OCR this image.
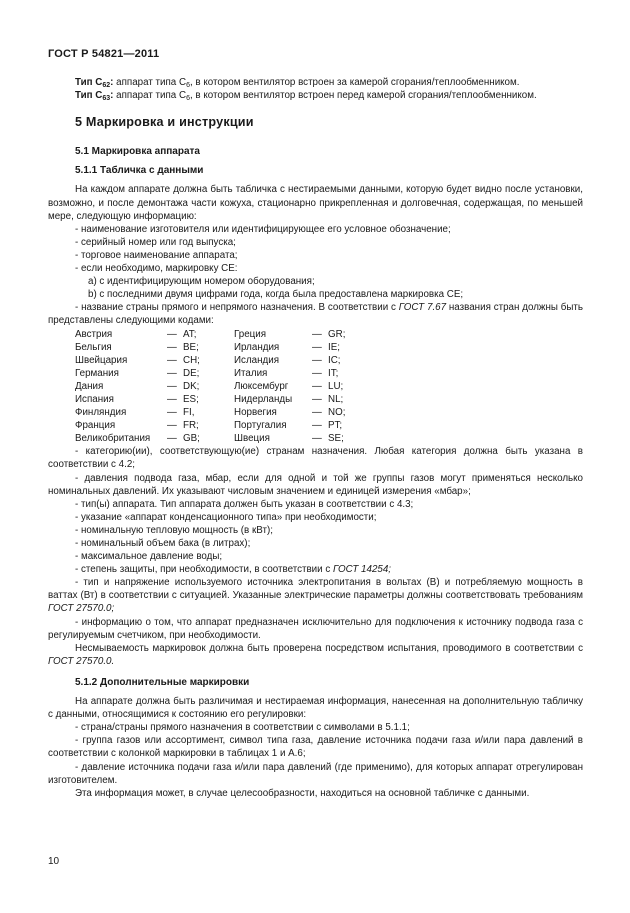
ГОСТ Р 54821—2011

Тип $C_{62}$: аппарат типа $C_6$, в котором вентилятор встроен за камерой сгорания/теплообменником.

Тип $C_{63}$: аппарат типа $C_6$, в котором вентилятор встроен перед камерой сгорания/теплообменником.

5 Маркировка и инструкции
5.1 Маркировка аппарата
5.1.1 Табличка с данными

На каждом аппарате должна быть табличка с нестираемыми данными, которую будет видно после установки, возможно, и после демонтажа части кожуха, стационарно прикрепленная и долговечная, содержащая, по меньшей мере, следующую информацию:

- наименование изготовителя или идентифицирующее его условное обозначение;

- серийный номер или год выпуска;

- торговое наименование аппарата;

- если необходимо, маркировку CE:

а) с идентифицирующим номером оборудования;

b) с последними двумя цифрами года, когда была предоставлена маркировка CE;

- название страны прямого и непрямого назначения. В соответствии с ГОСТ 7.67 названия стран должны быть представлены следующими кодами:

Австрия	—	AT;	Греция	—	GR;
Бельгия	—	BE;	Ирландия	—	IE;
Швейцария	—	CH;	Исландия	—	IC;
Германия	—	DE;	Италия	—	IT;
Дания	—	DK;	Люксембург	—	LU;
Испания	—	ES;	Нидерланды	—	NL;
Финляндия	—	FI,	Норвегия	—	NO;
Франция	—	FR;	Португалия	—	PT;
Великобритания	—	GB;	Швеция	—	SE;

- категорию(ии), соответствующую(ие) странам назначения. Любая категория должна быть указана в соответствии с 4.2;

- давления подвода газа, мбар, если для одной и той же группы газов могут применяться несколько номинальных давлений. Их указывают числовым значением и единицей измерения «мбар»;

- тип(ы) аппарата. Тип аппарата должен быть указан в соответствии с 4.3;

- указание «аппарат конденсационного типа» при необходимости;

- номинальную тепловую мощность (в кВт);

- номинальный объем бака (в литрах);

- максимальное давление воды;

- степень защиты, при необходимости, в соответствии с ГОСТ 14254;

- тип и напряжение используемого источника электропитания в вольтах (В) и потребляемую мощность в ваттах (Вт) в соответствии с ситуацией. Указанные электрические параметры должны соответствовать требованиям ГОСТ 27570.0;

- информацию о том, что аппарат предназначен исключительно для подключения к источнику подвода газа с регулируемым счетчиком, при необходимости.

Несмываемость маркировок должна быть проверена посредством испытания, проводимого в соответствии с ГОСТ 27570.0.

5.1.2 Дополнительные маркировки

На аппарате должна быть различимая и нестираемая информация, нанесенная на дополнительную табличку с данными, относящимися к состоянию его регулировки:

- страна/страны прямого назначения в соответствии с символами в 5.1.1;

- группа газов или ассортимент, символ типа газа, давление источника подачи газа и/или пара давлений в соответствии с колонкой маркировки в таблицах 1 и A.6;

- давление источника подачи газа и/или пара давлений (где применимо), для которых аппарат отрегулирован изготовителем.

Эта информация может, в случае целесообразности, находиться на основной табличке с данными.

10
